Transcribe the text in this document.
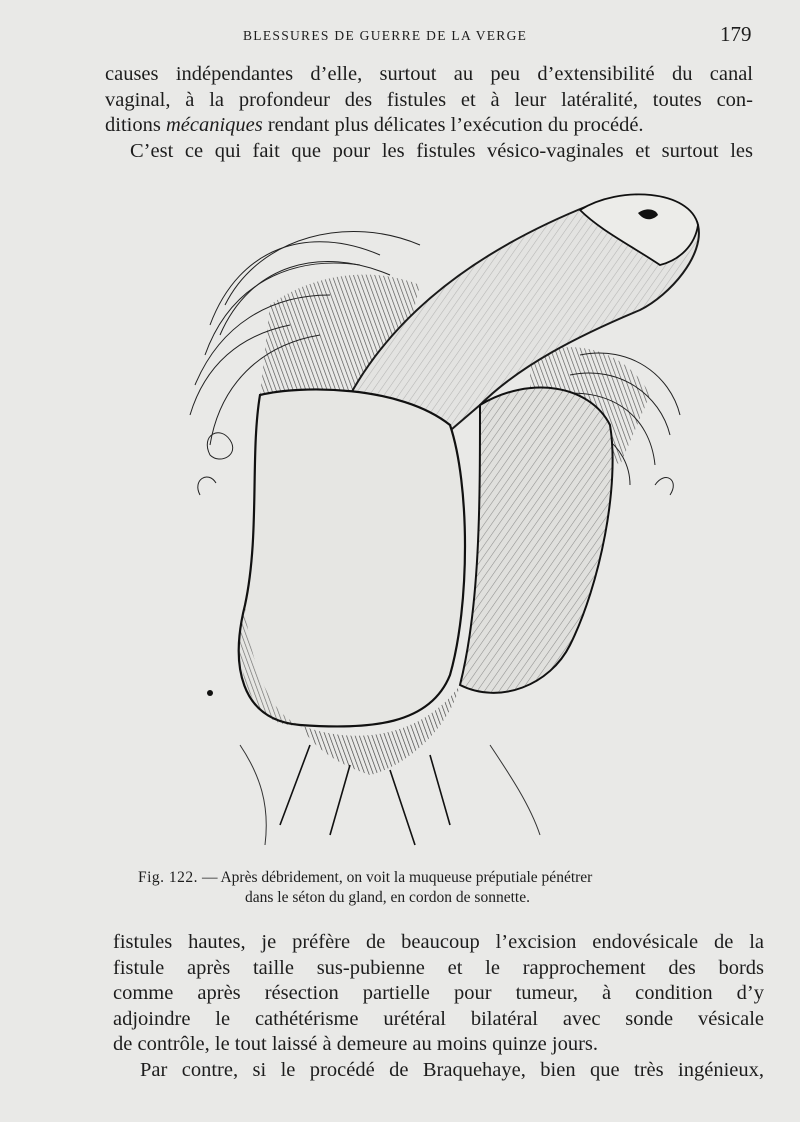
BLESSURES DE GUERRE DE LA VERGE	179
causes indépendantes d’elle, surtout au peu d’extensibilité du canal
vaginal, à la profondeur des fistules et à leur latéralité, toutes con-
ditions mécaniques rendant plus délicates l’exécution du procédé.
C’est ce qui fait que pour les fistules vésico-vaginales et surtout les
Fig. 122. — Après débridement, on voit la muqueuse préputiale pénétrer
dans le séton du gland, en cordon de sonnette.
fistules hautes, je préfère de beaucoup l’excision endovésicale de la
fistule après taille sus-pubienne et le rapprochement des bords
comme après résection partielle pour tumeur, à condition d’y
adjoindre le cathétérisme urétéral bilatéral avec sonde vésicale
de contrôle, le tout laissé à demeure au moins quinze jours.
Par contre, si le procédé de Braquehaye, bien que très ingénieux,
